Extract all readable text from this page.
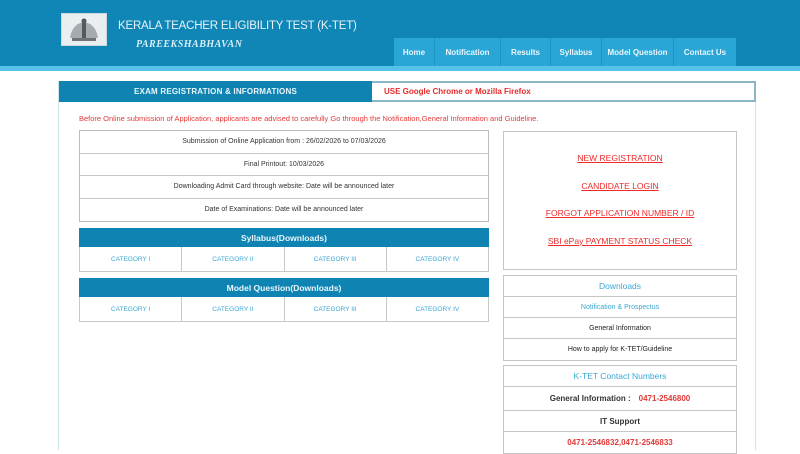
KERALA TEACHER ELIGIBILITY TEST (K-TET)
PAREEKSHABHAVAN
Home	Notification	Results	Syllabus	Model Question	Contact Us
EXAM REGISTRATION & INFORMATIONS	USE Google Chrome or Mozilla Firefox
Before Online submission of Application, applicants are advised to carefully Go through the Notification,General Information and Guideline.
Submission of Online Application from : 26/02/2026 to 07/03/2026
Final Printout: 10/03/2026
Downloading Admit Card through website: Date will be announced later
Date of Examinations: Date will be announced later
Syllabus(Downloads)
CATEGORY I	CATEGORY II	CATEGORY III	CATEGORY IV
Model Question(Downloads)
CATEGORY I	CATEGORY II	CATEGORY III	CATEGORY IV
NEW REGISTRATION
CANDIDATE LOGIN
FORGOT APPLICATION NUMBER / ID
SBI ePay PAYMENT STATUS CHECK
Downloads
Notification & Prospectus
General Information
How to apply for K-TET/Guideline
K-TET Contact Numbers
General Information : 0471-2546800
IT Support
0471-2546832,0471-2546833
